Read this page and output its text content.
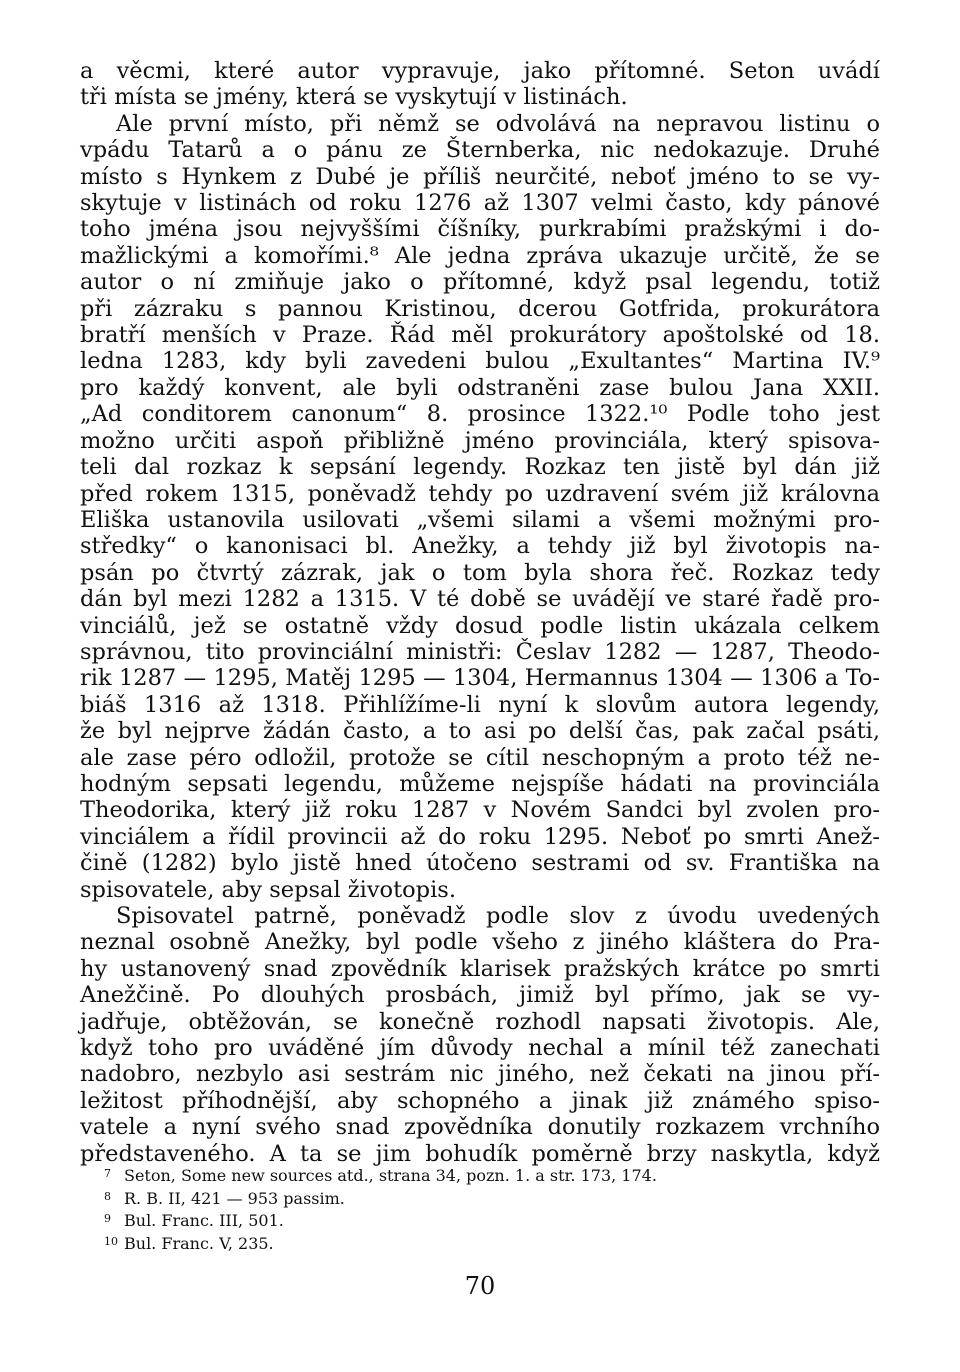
a věcmi, které autor vypravuje, jako přítomné. Seton uvádí
tři místa se jmény, která se vyskytují v listinách.
Ale první místo, při němž se odvolává na nepravou listinu o
vpádu Tatarů a o pánu ze Šternberka, nic nedokazuje. Druhé
místo s Hynkem z Dubé je příliš neurčité, neboť jméno to se vy-
skytuje v listinách od roku 1276 až 1307 velmi často, kdy pánové
toho jména jsou nejvyššími číšníky, purkrabími pražskými i do-
mažlickými a komořími.⁸ Ale jedna zpráva ukazuje určitě, že se
autor o ní zmiňuje jako o přítomné, když psal legendu, totiž
při zázraku s pannou Kristinou, dcerou Gotfrida, prokurátora
bratří menších v Praze. Řád měl prokurátory apoštolské od 18.
ledna 1283, kdy byli zavedeni bulou „Exultantes“ Martina IV.⁹
pro každý konvent, ale byli odstraněni zase bulou Jana XXII.
„Ad conditorem canonum“ 8. prosince 1322.¹⁰ Podle toho jest
možno určiti aspoň přibližně jméno provinciála, který spisova-
teli dal rozkaz k sepsání legendy. Rozkaz ten jistě byl dán již
před rokem 1315, poněvadž tehdy po uzdravení svém již královna
Eliška ustanovila usilovati „všemi silami a všemi možnými pro-
středky“ o kanonisaci bl. Anežky, a tehdy již byl životopis na-
psán po čtvrtý zázrak, jak o tom byla shora řeč. Rozkaz tedy
dán byl mezi 1282 a 1315. V té době se uvádějí ve staré řadě pro-
vinciálů, jež se ostatně vždy dosud podle listin ukázala celkem
správnou, tito provinciální ministři: Česlav 1282 — 1287, Theodo-
rik 1287 — 1295, Matěj 1295 — 1304, Hermannus 1304 — 1306 a To-
biáš 1316 až 1318. Přihlížíme-li nyní k slovům autora legendy,
že byl nejprve žádán často, a to asi po delší čas, pak začal psáti,
ale zase péro odložil, protože se cítil neschopným a proto též ne-
hodným sepsati legendu, můžeme nejspíše hádati na provinciála
Theodorika, který již roku 1287 v Novém Sandci byl zvolen pro-
vinciálem a řídil provincii až do roku 1295. Neboť po smrti Anež-
čině (1282) bylo jistě hned útočeno sestrami od sv. Františka na
spisovatele, aby sepsal životopis.
Spisovatel patrně, poněvadž podle slov z úvodu uvedených
neznal osobně Anežky, byl podle všeho z jiného kláštera do Pra-
hy ustanovený snad zpovědník klarisek pražských krátce po smrti
Anežčině. Po dlouhých prosbách, jimiž byl přímo, jak se vy-
jadřuje, obtěžován, se konečně rozhodl napsati životopis. Ale,
když toho pro uváděné jím důvody nechal a mínil též zanechati
nadobro, nezbylo asi sestrám nic jiného, než čekati na jinou pří-
ležitost příhodnější, aby schopného a jinak již známého spiso-
vatele a nyní svého snad zpovědníka donutily rozkazem vrchního
představeného. A ta se jim bohudík poměrně brzy naskytla, když
7 Seton, Some new sources atd., strana 34, pozn. 1. a str. 173, 174.
8 R. B. II, 421 — 953 passim.
9 Bul. Franc. III, 501.
10 Bul. Franc. V, 235.
70
